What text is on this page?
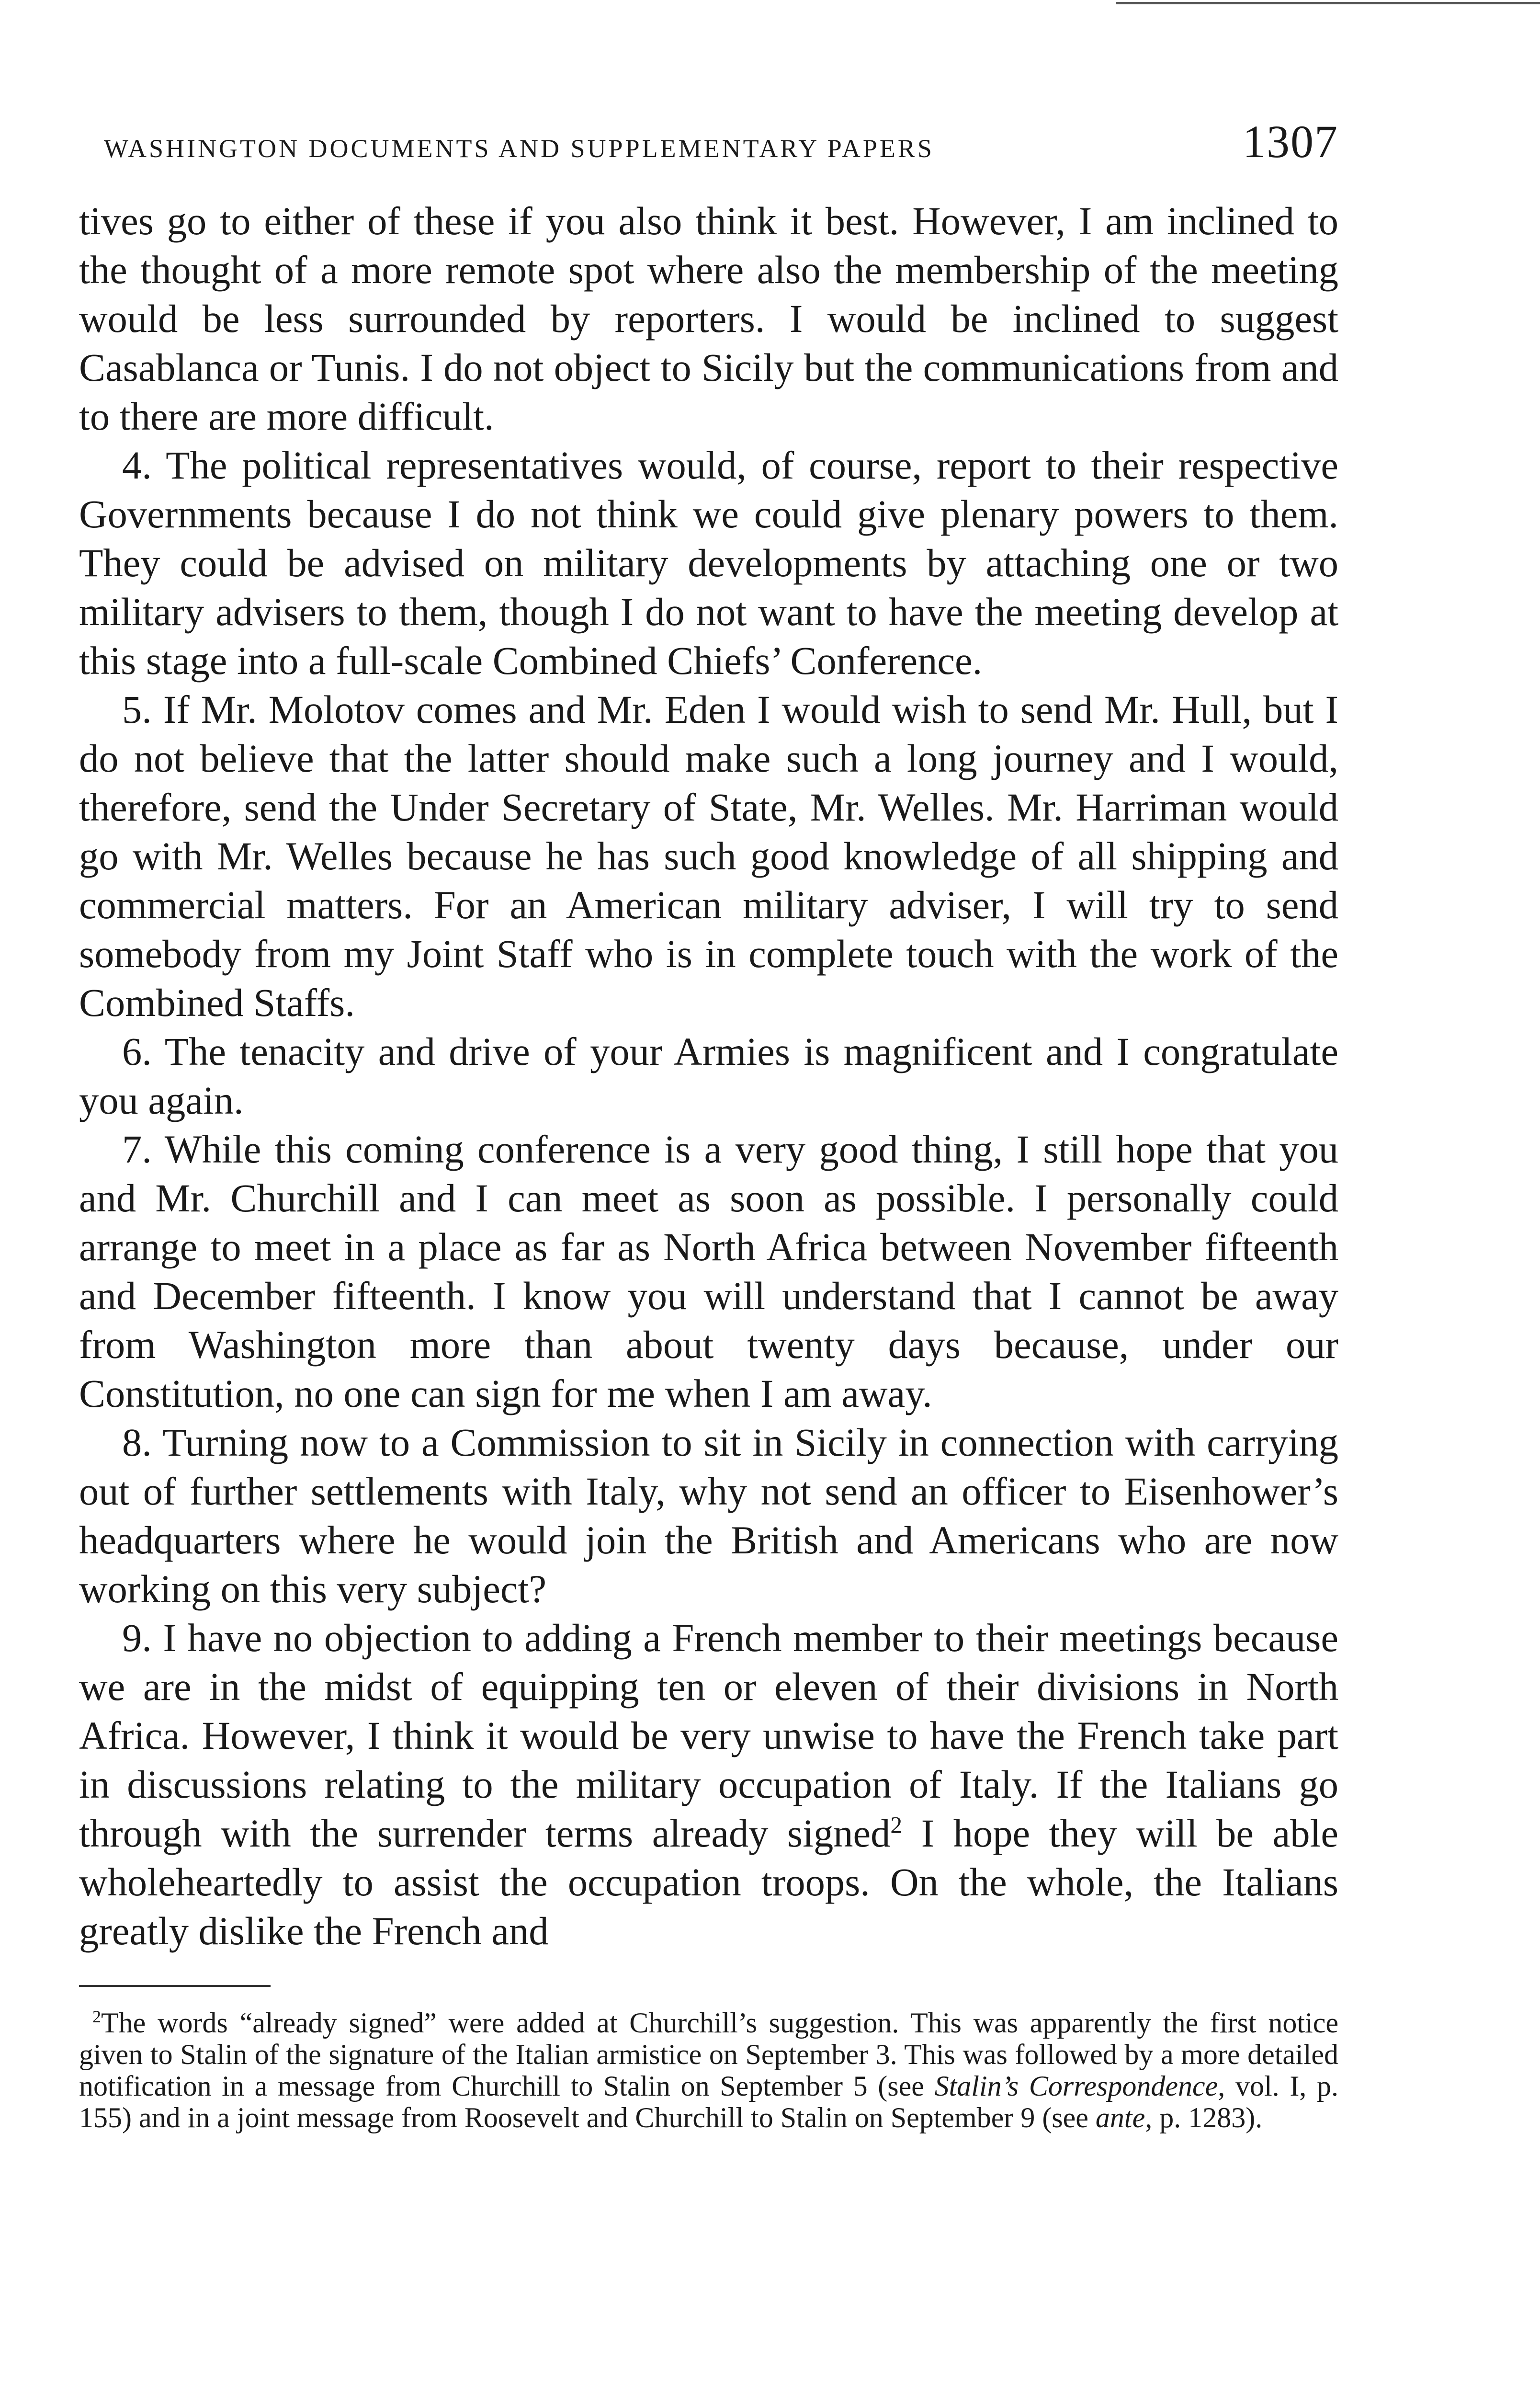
WASHINGTON DOCUMENTS AND SUPPLEMENTARY PAPERS	1307

tives go to either of these if you also think it best. However, I am inclined to the thought of a more remote spot where also the membership of the meeting would be less surrounded by reporters. I would be inclined to suggest Casablanca or Tunis. I do not object to Sicily but the communications from and to there are more difficult.

4. The political representatives would, of course, report to their respective Governments because I do not think we could give plenary powers to them. They could be advised on military developments by attaching one or two military advisers to them, though I do not want to have the meeting develop at this stage into a full-scale Combined Chiefs’ Conference.

5. If Mr. Molotov comes and Mr. Eden I would wish to send Mr. Hull, but I do not believe that the latter should make such a long journey and I would, therefore, send the Under Secretary of State, Mr. Welles. Mr. Harriman would go with Mr. Welles because he has such good knowledge of all shipping and commercial matters. For an American military adviser, I will try to send somebody from my Joint Staff who is in complete touch with the work of the Combined Staffs.

6. The tenacity and drive of your Armies is magnificent and I congratulate you again.

7. While this coming conference is a very good thing, I still hope that you and Mr. Churchill and I can meet as soon as possible. I personally could arrange to meet in a place as far as North Africa between November fifteenth and December fifteenth. I know you will understand that I cannot be away from Washington more than about twenty days because, under our Constitution, no one can sign for me when I am away.

8. Turning now to a Commission to sit in Sicily in connection with carrying out of further settlements with Italy, why not send an officer to Eisenhower’s headquarters where he would join the British and Americans who are now working on this very subject?

9. I have no objection to adding a French member to their meetings because we are in the midst of equipping ten or eleven of their divisions in North Africa. However, I think it would be very unwise to have the French take part in discussions relating to the military occupation of Italy. If the Italians go through with the surrender terms already signed$^2$ I hope they will be able wholeheartedly to assist the occupation troops. On the whole, the Italians greatly dislike the French and

$^2$The words “already signed” were added at Churchill’s suggestion. This was apparently the first notice given to Stalin of the signature of the Italian armistice on September 3. This was followed by a more detailed notification in a message from Churchill to Stalin on September 5 (see Stalin’s Correspondence, vol. I, p. 155) and in a joint message from Roosevelt and Churchill to Stalin on September 9 (see ante, p. 1283).
